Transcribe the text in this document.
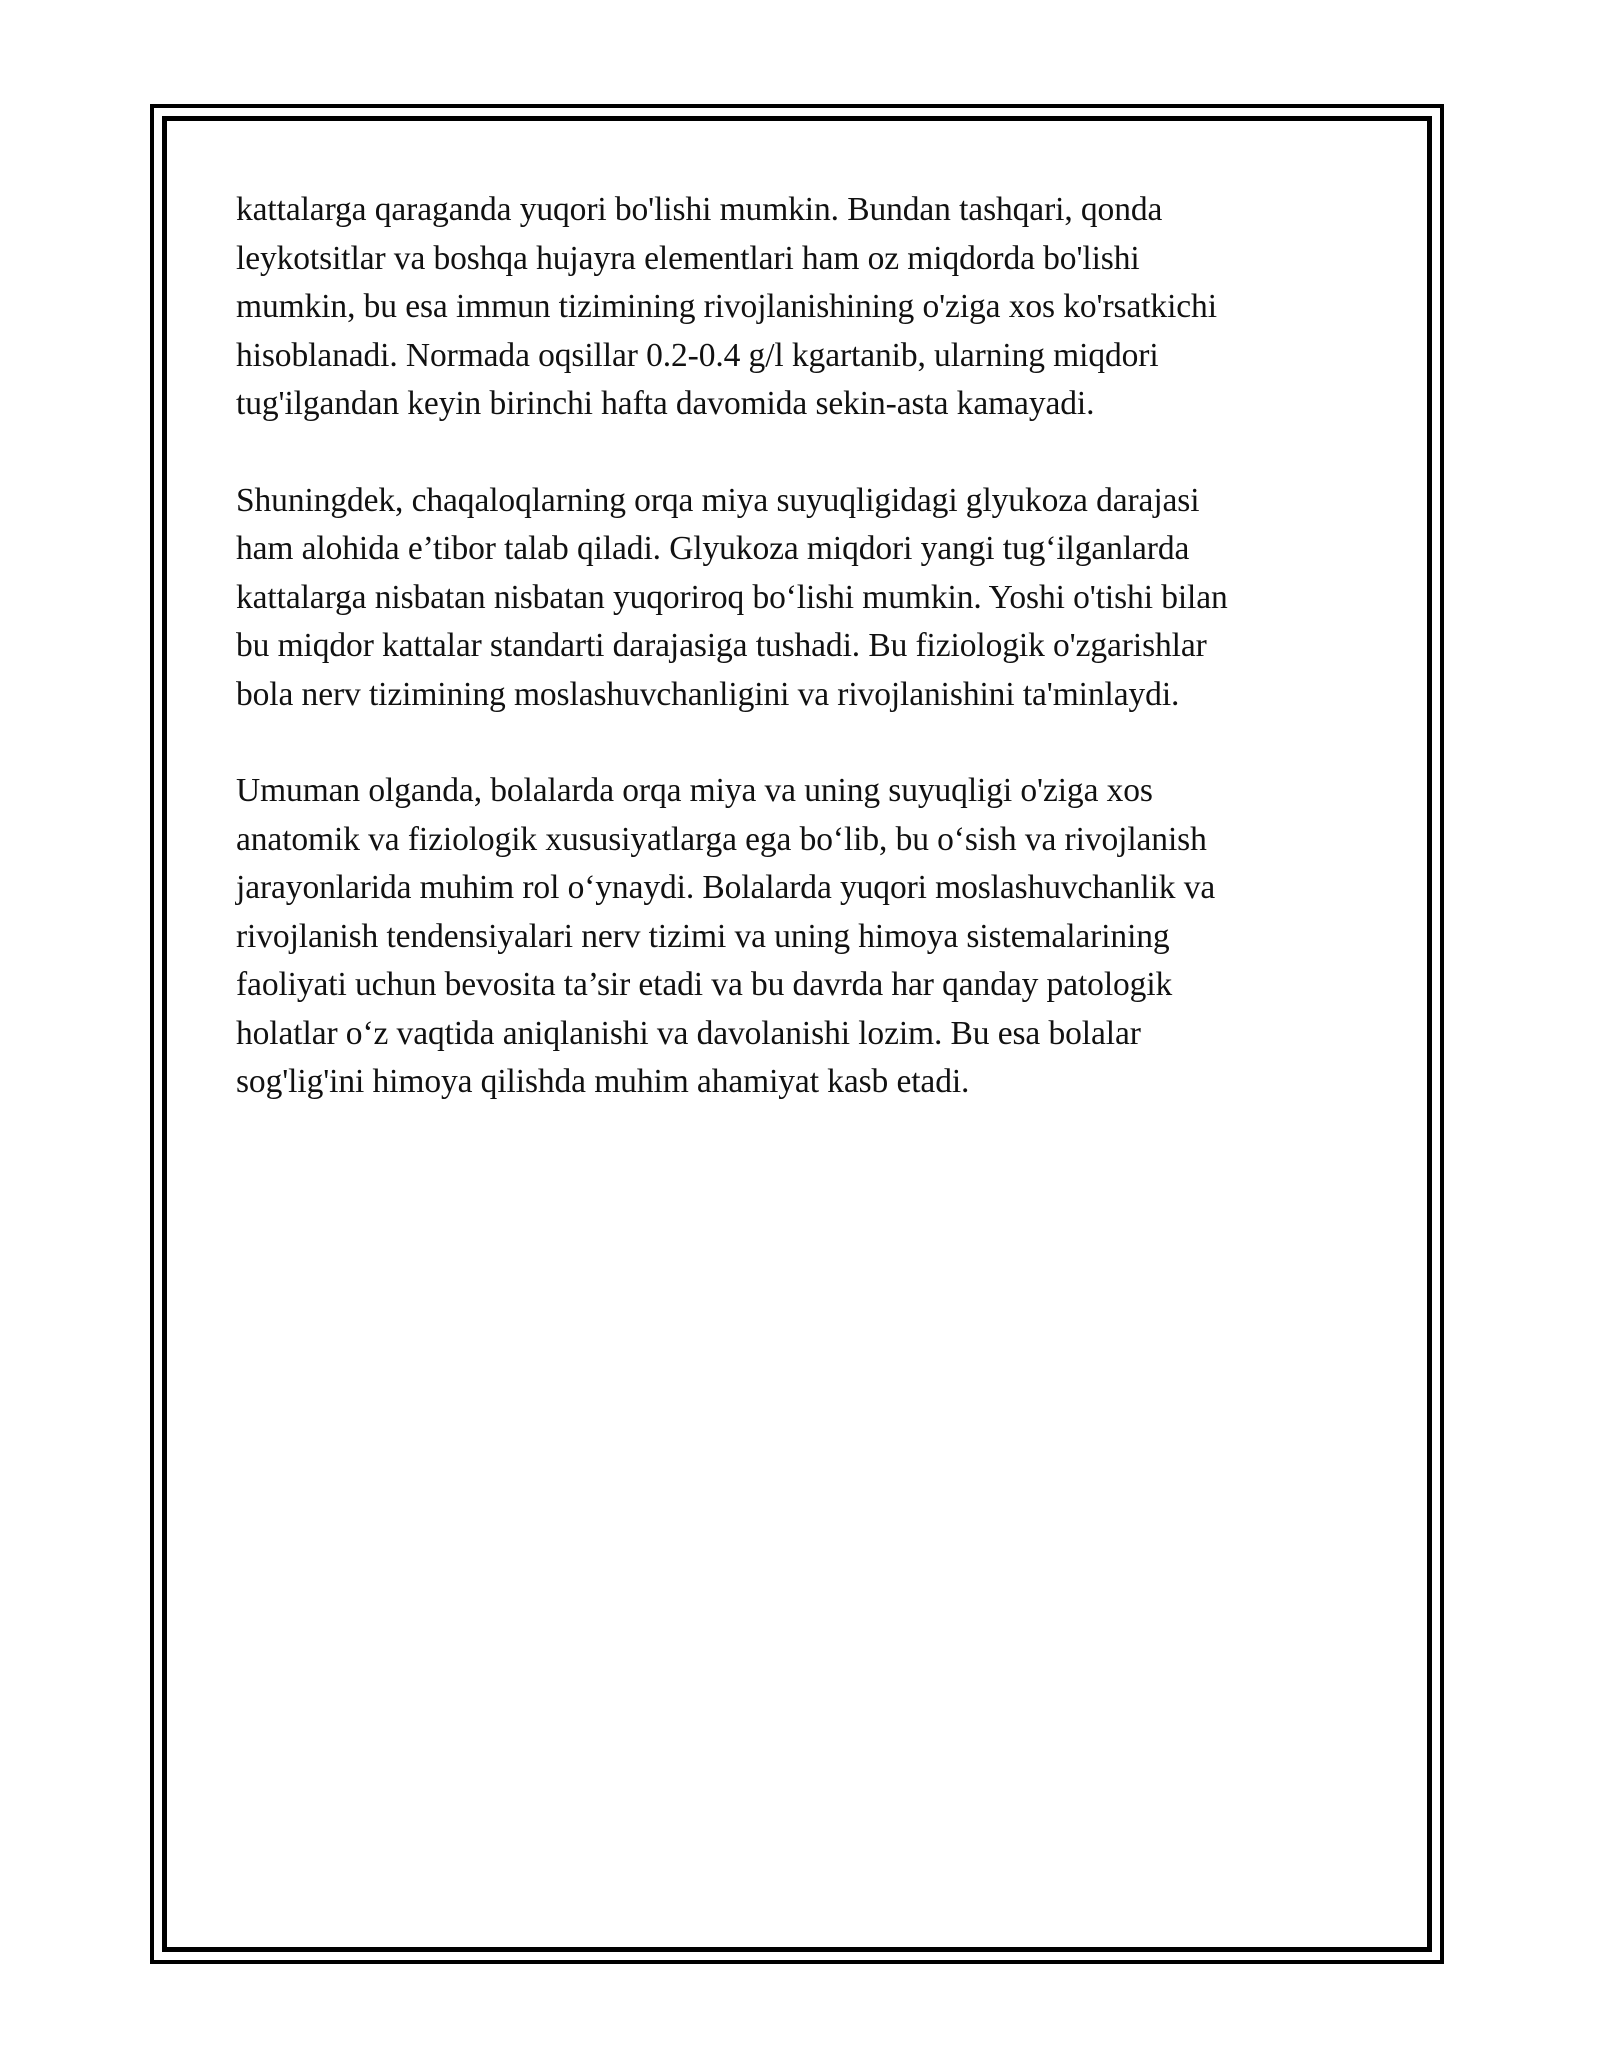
kattalarga qaraganda yuqori bo'lishi mumkin. Bundan tashqari, qonda
leykotsitlar va boshqa hujayra elementlari ham oz miqdorda bo'lishi
mumkin, bu esa immun tizimining rivojlanishining o'ziga xos ko'rsatkichi
hisoblanadi. Normada oqsillar 0.2-0.4 g/l kgartanib, ularning miqdori
tug'ilgandan keyin birinchi hafta davomida sekin-asta kamayadi.

Shuningdek, chaqaloqlarning orqa miya suyuqligidagi glyukoza darajasi
ham alohida e’tibor talab qiladi. Glyukoza miqdori yangi tug‘ilganlarda
kattalarga nisbatan nisbatan yuqoriroq bo‘lishi mumkin. Yoshi o'tishi bilan
bu miqdor kattalar standarti darajasiga tushadi. Bu fiziologik o'zgarishlar
bola nerv tizimining moslashuvchanligini va rivojlanishini ta'minlaydi.

Umuman olganda, bolalarda orqa miya va uning suyuqligi o'ziga xos
anatomik va fiziologik xususiyatlarga ega bo‘lib, bu o‘sish va rivojlanish
jarayonlarida muhim rol o‘ynaydi. Bolalarda yuqori moslashuvchanlik va
rivojlanish tendensiyalari nerv tizimi va uning himoya sistemalarining
faoliyati uchun bevosita ta’sir etadi va bu davrda har qanday patologik
holatlar o‘z vaqtida aniqlanishi va davolanishi lozim. Bu esa bolalar
sog'lig'ini himoya qilishda muhim ahamiyat kasb etadi.
